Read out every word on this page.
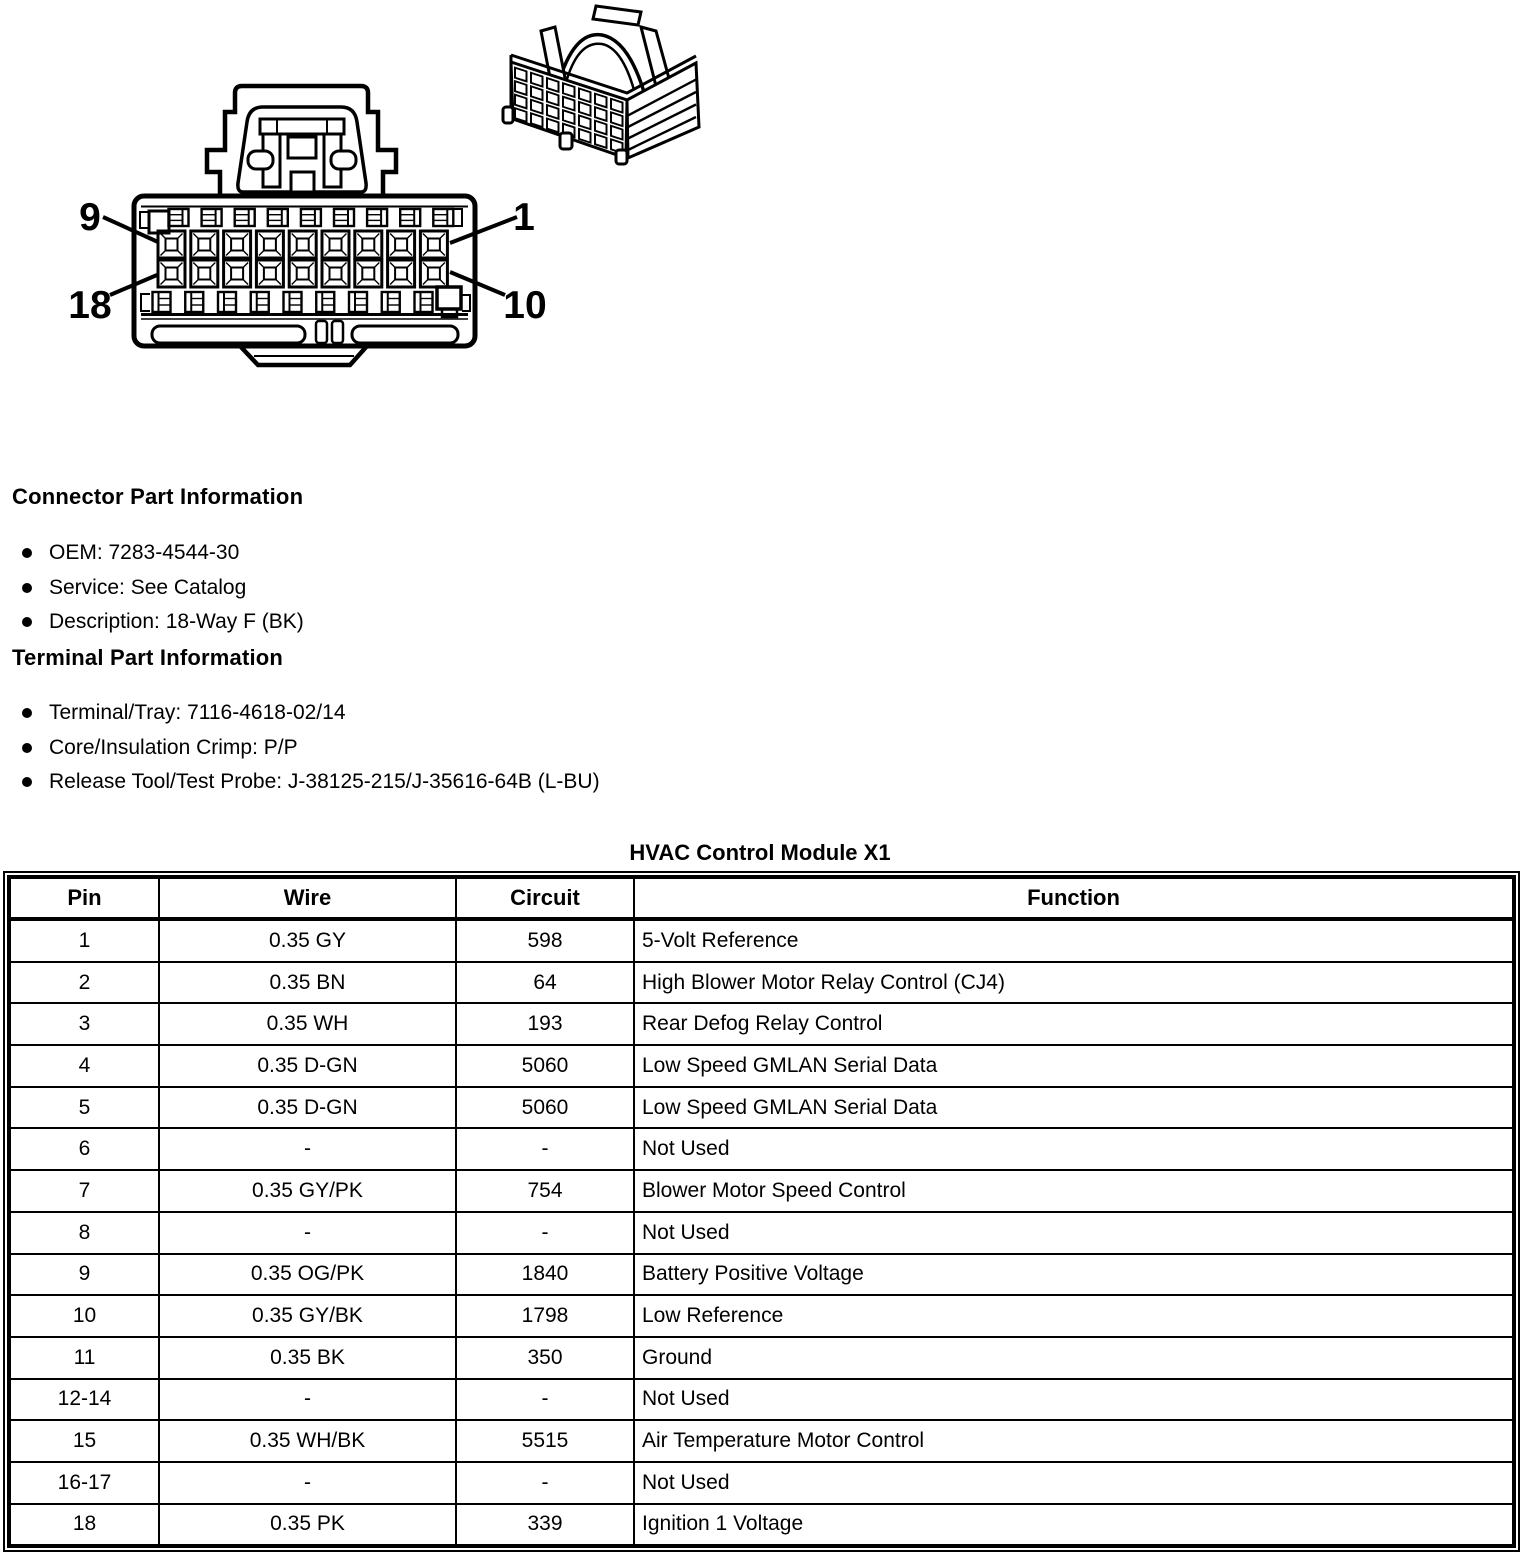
9	1
18	10
Connector Part Information
OEM: 7283-4544-30
Service: See Catalog
Description: 18-Way F (BK)
Terminal Part Information
Terminal/Tray: 7116-4618-02/14
Core/Insulation Crimp: P/P
Release Tool/Test Probe: J-38125-215/J-35616-64B (L-BU)
HVAC Control Module X1
Pin	Wire	Circuit	Function
1	0.35 GY	598	5-Volt Reference
2	0.35 BN	64	High Blower Motor Relay Control (CJ4)
3	0.35 WH	193	Rear Defog Relay Control
4	0.35 D-GN	5060	Low Speed GMLAN Serial Data
5	0.35 D-GN	5060	Low Speed GMLAN Serial Data
6	-	-	Not Used
7	0.35 GY/PK	754	Blower Motor Speed Control
8	-	-	Not Used
9	0.35 OG/PK	1840	Battery Positive Voltage
10	0.35 GY/BK	1798	Low Reference
11	0.35 BK	350	Ground
12-14	-	-	Not Used
15	0.35 WH/BK	5515	Air Temperature Motor Control
16-17	-	-	Not Used
18	0.35 PK	339	Ignition 1 Voltage
